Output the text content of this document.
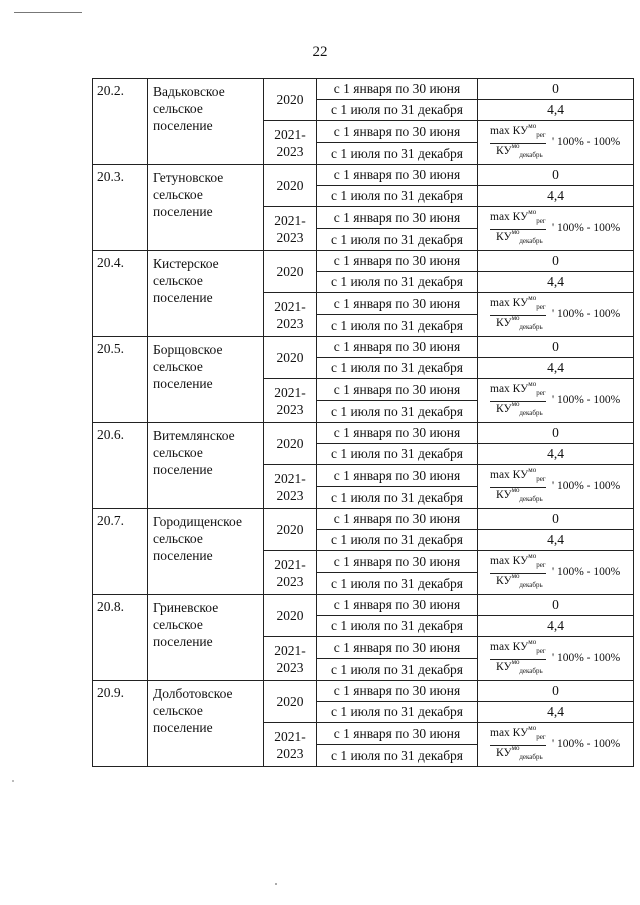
22
20.2.	Вадьковское
сельское
поселение	2020	с 1 января по 30 июня	0
			с 1 июля по 31 декабря	4,4
		2021-
2023	с 1 января по 30 июня	$\max КУ^{мо}_{рег}$
$КУ^{мо}_{декабрь}$
' 100% - 100%

			с 1 июля по 31 декабря	
20.3.	Гетуновское
сельское
поселение	2020	с 1 января по 30 июня	0
			с 1 июля по 31 декабря	4,4
		2021-
2023	с 1 января по 30 июня	$\max КУ^{мо}_{рег}$
$КУ^{мо}_{декабрь}$
' 100% - 100%

			с 1 июля по 31 декабря	
20.4.	Кистерское
сельское
поселение	2020	с 1 января по 30 июня	0
			с 1 июля по 31 декабря	4,4
		2021-
2023	с 1 января по 30 июня	$\max КУ^{мо}_{рег}$
$КУ^{мо}_{декабрь}$
' 100% - 100%

			с 1 июля по 31 декабря	
20.5.	Борщовское
сельское
поселение	2020	с 1 января по 30 июня	0
			с 1 июля по 31 декабря	4,4
		2021-
2023	с 1 января по 30 июня	$\max КУ^{мо}_{рег}$
$КУ^{мо}_{декабрь}$
' 100% - 100%

			с 1 июля по 31 декабря	
20.6.	Витемлянское
сельское
поселение	2020	с 1 января по 30 июня	0
			с 1 июля по 31 декабря	4,4
		2021-
2023	с 1 января по 30 июня	$\max КУ^{мо}_{рег}$
$КУ^{мо}_{декабрь}$
' 100% - 100%

			с 1 июля по 31 декабря	
20.7.	Городищенское
сельское
поселение	2020	с 1 января по 30 июня	0
			с 1 июля по 31 декабря	4,4
		2021-
2023	с 1 января по 30 июня	$\max КУ^{мо}_{рег}$
$КУ^{мо}_{декабрь}$
' 100% - 100%

			с 1 июля по 31 декабря	
20.8.	Гриневское
сельское
поселение	2020	с 1 января по 30 июня	0
			с 1 июля по 31 декабря	4,4
		2021-
2023	с 1 января по 30 июня	$\max КУ^{мо}_{рег}$
$КУ^{мо}_{декабрь}$
' 100% - 100%

			с 1 июля по 31 декабря	
20.9.	Долботовское
сельское
поселение	2020	с 1 января по 30 июня	0
			с 1 июля по 31 декабря	4,4
		2021-
2023	с 1 января по 30 июня	$\max КУ^{мо}_{рег}$
$КУ^{мо}_{декабрь}$
' 100% - 100%

			с 1 июля по 31 декабря	
